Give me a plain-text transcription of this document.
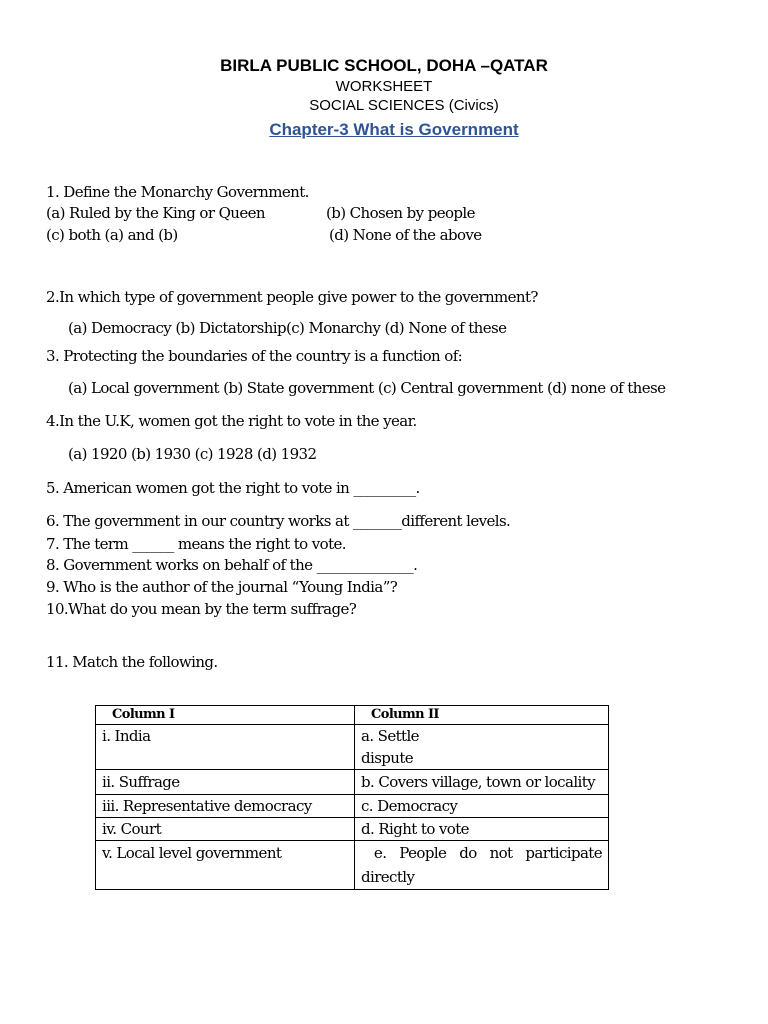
BIRLA PUBLIC SCHOOL, DOHA –QATAR
WORKSHEET
SOCIAL SCIENCES (Civics)
Chapter-3 What is Government
1. Define the Monarchy Government.
(a) Ruled by the King or Queen	(b) Chosen by people
(c) both (a) and (b)	(d) None of the above
2.In which type of government people give power to the government?
(a) Democracy (b) Dictatorship(c) Monarchy (d) None of these
3. Protecting the boundaries of the country is a function of:
(a) Local government (b) State government (c) Central government (d) none of these
4.In the U.K, women got the right to vote in the year.
(a) 1920 (b) 1930 (c) 1928 (d) 1932
5. American women got the right to vote in _________.
6. The government in our country works at _______different levels.
7. The term ______ means the right to vote.
8. Government works on behalf of the ______________.
9. Who is the author of the journal “Young India”?
10.What do you mean by the term suffrage?
11. Match the following.
Column I	Column II
i. India	a. Settle dispute
ii. Suffrage	b. Covers village, town or locality
iii. Representative democracy	c. Democracy
iv. Court	d. Right to vote
v. Local level government	e. People do not participate directly
